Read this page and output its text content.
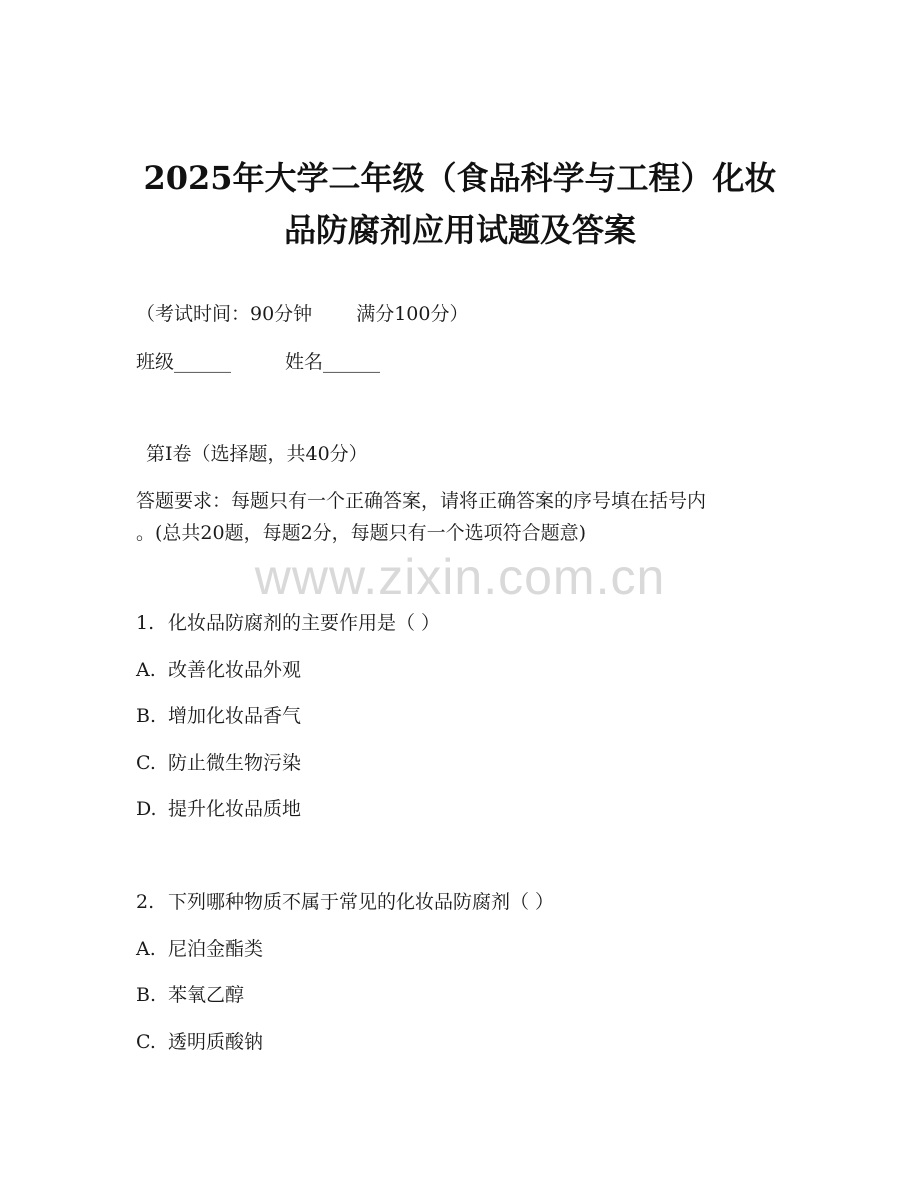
2025年大学二年级（食品科学与工程）化妆
品防腐剂应用试题及答案
（考试时间：90分钟 满分100分）
班级______	姓名______
第I卷（选择题，共40分）
答题要求：每题只有一个正确答案，请将正确答案的序号填在括号内
。(总共20题，每题2分，每题只有一个选项符合题意)
www.zixin.com.cn
1. 化妆品防腐剂的主要作用是（ ）
A. 改善化妆品外观
B. 增加化妆品香气
C. 防止微生物污染
D. 提升化妆品质地
2. 下列哪种物质不属于常见的化妆品防腐剂（ ）
A. 尼泊金酯类
B. 苯氧乙醇
C. 透明质酸钠
